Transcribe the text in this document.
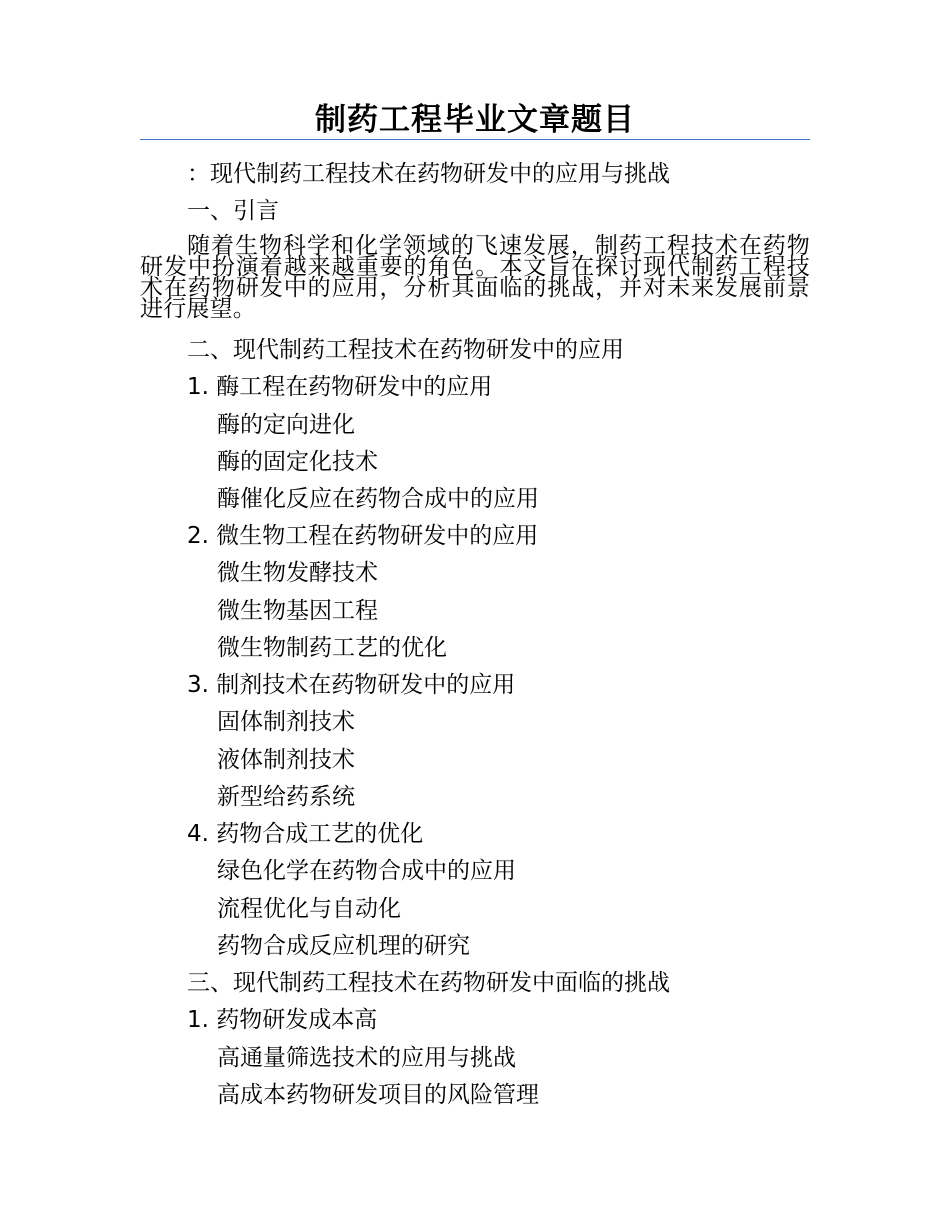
制药工程毕业文章题目
：现代制药工程技术在药物研发中的应用与挑战
一、引言
随着生物科学和化学领域的飞速发展，制药工程技术在药物研发中扮演着越来越重要的角色。本文旨在探讨现代制药工程技术在药物研发中的应用，分析其面临的挑战，并对未来发展前景进行展望。
二、现代制药工程技术在药物研发中的应用
1. 酶工程在药物研发中的应用
酶的定向进化
酶的固定化技术
酶催化反应在药物合成中的应用
2. 微生物工程在药物研发中的应用
微生物发酵技术
微生物基因工程
微生物制药工艺的优化
3. 制剂技术在药物研发中的应用
固体制剂技术
液体制剂技术
新型给药系统
4. 药物合成工艺的优化
绿色化学在药物合成中的应用
流程优化与自动化
药物合成反应机理的研究
三、现代制药工程技术在药物研发中面临的挑战
1. 药物研发成本高
高通量筛选技术的应用与挑战
高成本药物研发项目的风险管理
